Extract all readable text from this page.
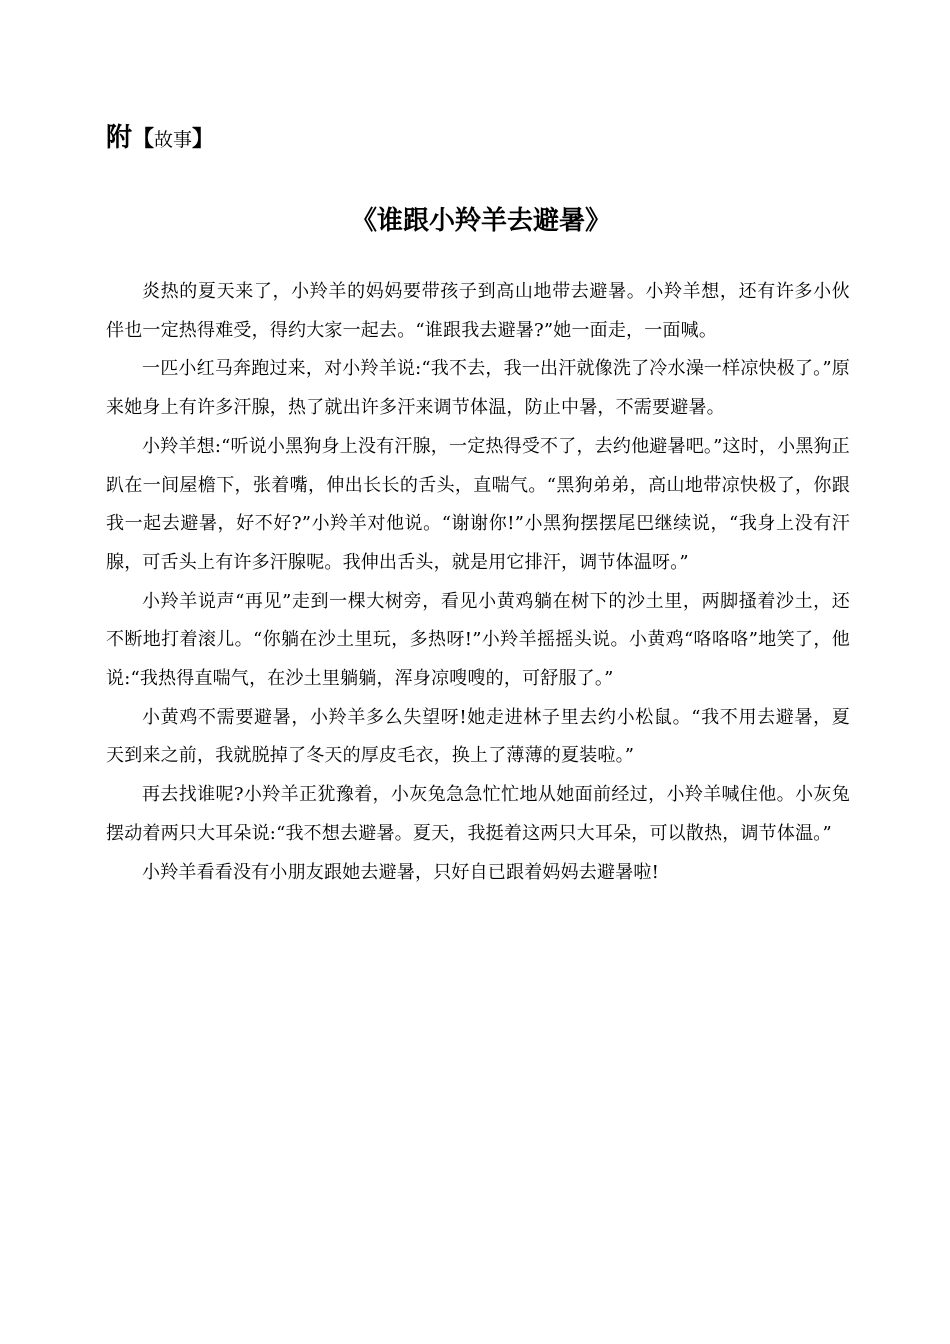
附【故事】
《谁跟小羚羊去避暑》

炎热的夏天来了，小羚羊的妈妈要带孩子到高山地带去避暑。小羚羊想，还有许多小伙伴也一定热得难受，得约大家一起去。“谁跟我去避暑?”她一面走，一面喊。

一匹小红马奔跑过来，对小羚羊说:“我不去，我一出汗就像洗了冷水澡一样凉快极了。”原来她身上有许多汗腺，热了就出许多汗来调节体温，防止中暑，不需要避暑。

小羚羊想:“听说小黑狗身上没有汗腺，一定热得受不了，去约他避暑吧。”这时，小黑狗正趴在一间屋檐下，张着嘴，伸出长长的舌头，直喘气。“黑狗弟弟，高山地带凉快极了，你跟我一起去避暑，好不好?”小羚羊对他说。“谢谢你!”小黑狗摆摆尾巴继续说，“我身上没有汗腺，可舌头上有许多汗腺呢。我伸出舌头，就是用它排汗，调节体温呀。”

小羚羊说声“再见”走到一棵大树旁，看见小黄鸡躺在树下的沙土里，两脚搔着沙土，还不断地打着滚儿。“你躺在沙土里玩，多热呀!”小羚羊摇摇头说。小黄鸡“咯咯咯”地笑了，他说:“我热得直喘气，在沙土里躺躺，浑身凉嗖嗖的，可舒服了。”

小黄鸡不需要避暑，小羚羊多么失望呀!她走进林子里去约小松鼠。“我不用去避暑，夏天到来之前，我就脱掉了冬天的厚皮毛衣，换上了薄薄的夏装啦。”

再去找谁呢?小羚羊正犹豫着，小灰兔急急忙忙地从她面前经过，小羚羊喊住他。小灰兔摆动着两只大耳朵说:“我不想去避暑。夏天，我挺着这两只大耳朵，可以散热，调节体温。”

小羚羊看看没有小朋友跟她去避暑，只好自已跟着妈妈去避暑啦!
